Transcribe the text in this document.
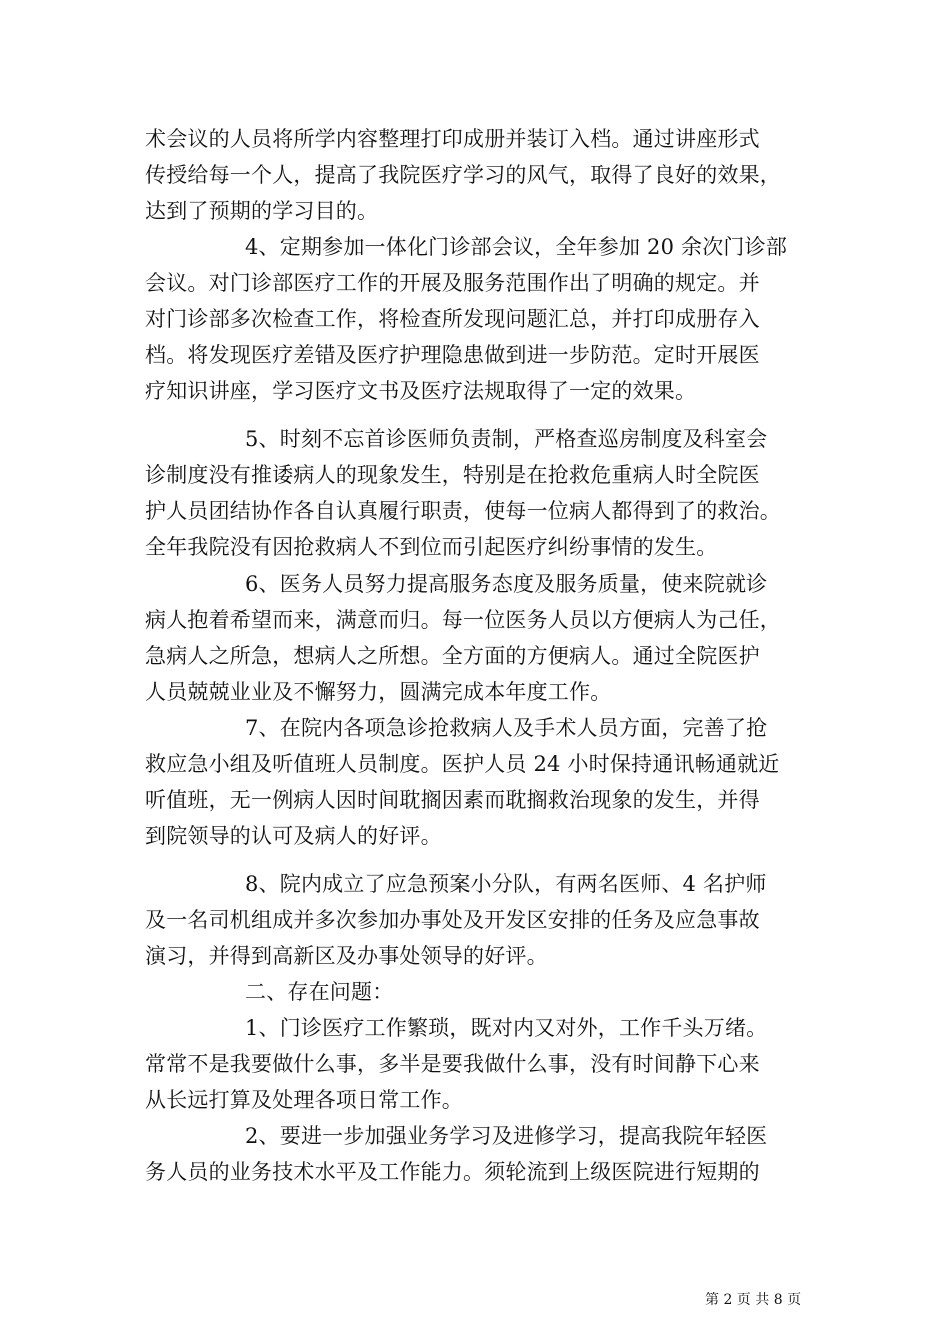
术会议的人员将所学内容整理打印成册并装订入档。通过讲座形式
传授给每一个人，提高了我院医疗学习的风气，取得了良好的效果，
达到了预期的学习目的。
4、定期参加一体化门诊部会议，全年参加 20 余次门诊部
会议。对门诊部医疗工作的开展及服务范围作出了明确的规定。并
对门诊部多次检查工作，将检查所发现问题汇总，并打印成册存入
档。将发现医疗差错及医疗护理隐患做到进一步防范。定时开展医
疗知识讲座，学习医疗文书及医疗法规取得了一定的效果。
5、时刻不忘首诊医师负责制，严格查巡房制度及科室会
诊制度没有推诿病人的现象发生，特别是在抢救危重病人时全院医
护人员团结协作各自认真履行职责，使每一位病人都得到了的救治。
全年我院没有因抢救病人不到位而引起医疗纠纷事情的发生。
6、医务人员努力提高服务态度及服务质量，使来院就诊
病人抱着希望而来，满意而归。每一位医务人员以方便病人为己任，
急病人之所急，想病人之所想。全方面的方便病人。通过全院医护
人员兢兢业业及不懈努力，圆满完成本年度工作。
7、在院内各项急诊抢救病人及手术人员方面，完善了抢
救应急小组及听值班人员制度。医护人员 24 小时保持通讯畅通就近
听值班，无一例病人因时间耽搁因素而耽搁救治现象的发生，并得
到院领导的认可及病人的好评。
8、院内成立了应急预案小分队，有两名医师、4 名护师
及一名司机组成并多次参加办事处及开发区安排的任务及应急事故
演习，并得到高新区及办事处领导的好评。
二、存在问题：
1、门诊医疗工作繁琐，既对内又对外，工作千头万绪。
常常不是我要做什么事，多半是要我做什么事，没有时间静下心来
从长远打算及处理各项日常工作。
2、要进一步加强业务学习及进修学习，提高我院年轻医
务人员的业务技术水平及工作能力。须轮流到上级医院进行短期的
第 2 页 共 8 页
